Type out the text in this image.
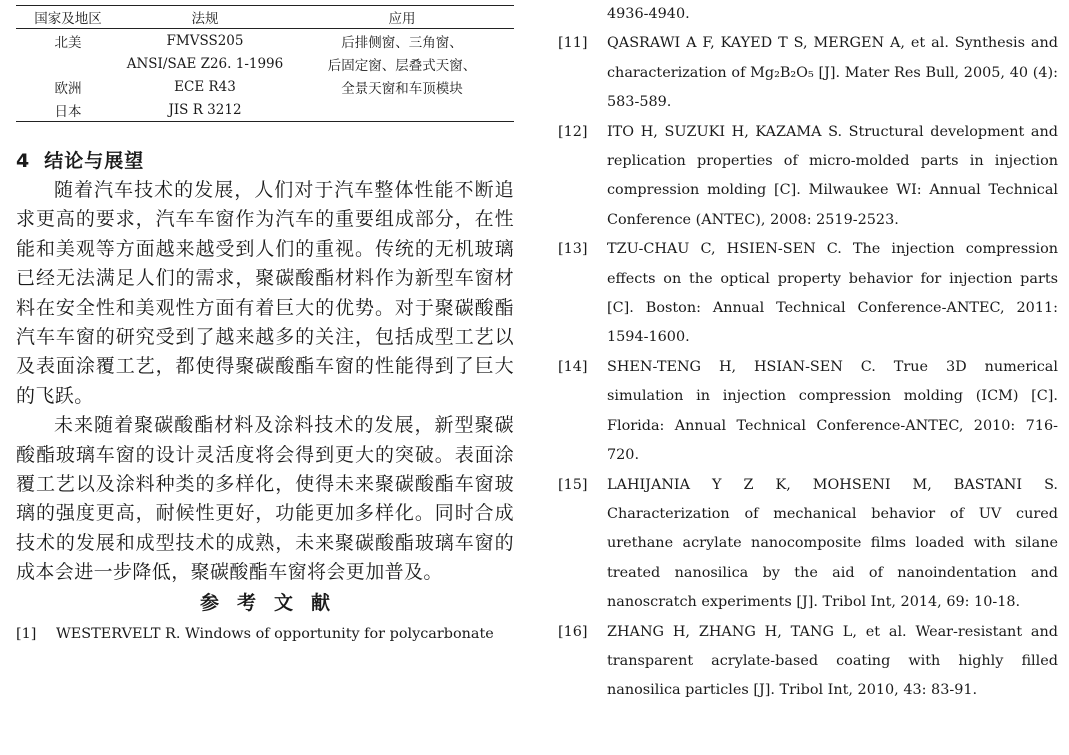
国家及地区	法规	应用
北美	FMVSS205	后排侧窗、三角窗、
	ANSI/SAE Z26. 1-1996	后固定窗、层叠式天窗、
欧洲	ECE R43	全景天窗和车顶模块
日本	JIS R 3212	
4 结论与展望

随着汽车技术的发展，人们对于汽车整体性能不断追求更高的要求，汽车车窗作为汽车的重要组成部分，在性能和美观等方面越来越受到人们的重视。传统的无机玻璃已经无法满足人们的需求，聚碳酸酯材料作为新型车窗材料在安全性和美观性方面有着巨大的优势。对于聚碳酸酯汽车车窗的研究受到了越来越多的关注，包括成型工艺以及表面涂覆工艺，都使得聚碳酸酯车窗的性能得到了巨大的飞跃。

未来随着聚碳酸酯材料及涂料技术的发展，新型聚碳酸酯玻璃车窗的设计灵活度将会得到更大的突破。表面涂覆工艺以及涂料种类的多样化，使得未来聚碳酸酯车窗玻璃的强度更高，耐候性更好，功能更加多样化。同时合成技术的发展和成型技术的成熟，未来聚碳酸酯玻璃车窗的成本会进一步降低，聚碳酸酯车窗将会更加普及。

参考文献
[1] WESTERVELT R. Windows of opportunity for polycarbonate
4936-4940.
[11] QASRAWI A F, KAYED T S, MERGEN A, et al. Synthesis and characterization of Mg₂B₂O₅ [J]. Mater Res Bull, 2005, 40 (4): 583-589.
[12] ITO H, SUZUKI H, KAZAMA S. Structural development and replication properties of micro-molded parts in injection compression molding [C]. Milwaukee WI: Annual Technical Conference (ANTEC), 2008: 2519-2523.
[13] TZU-CHAU C, HSIEN-SEN C. The injection compression effects on the optical property behavior for injection parts [C]. Boston: Annual Technical Conference-ANTEC, 2011: 1594-1600.
[14] SHEN-TENG H, HSIAN-SEN C. True 3D numerical simulation in injection compression molding (ICM) [C]. Florida: Annual Technical Conference-ANTEC, 2010: 716-720.
[15] LAHIJANIA Y Z K, MOHSENI M, BASTANI S. Characterization of mechanical behavior of UV cured urethane acrylate nanocomposite films loaded with silane treated nanosilica by the aid of nanoindentation and nanoscratch experiments [J]. Tribol Int, 2014, 69: 10-18.
[16] ZHANG H, ZHANG H, TANG L, et al. Wear-resistant and transparent acrylate-based coating with highly filled nanosilica particles [J]. Tribol Int, 2010, 43: 83-91.
